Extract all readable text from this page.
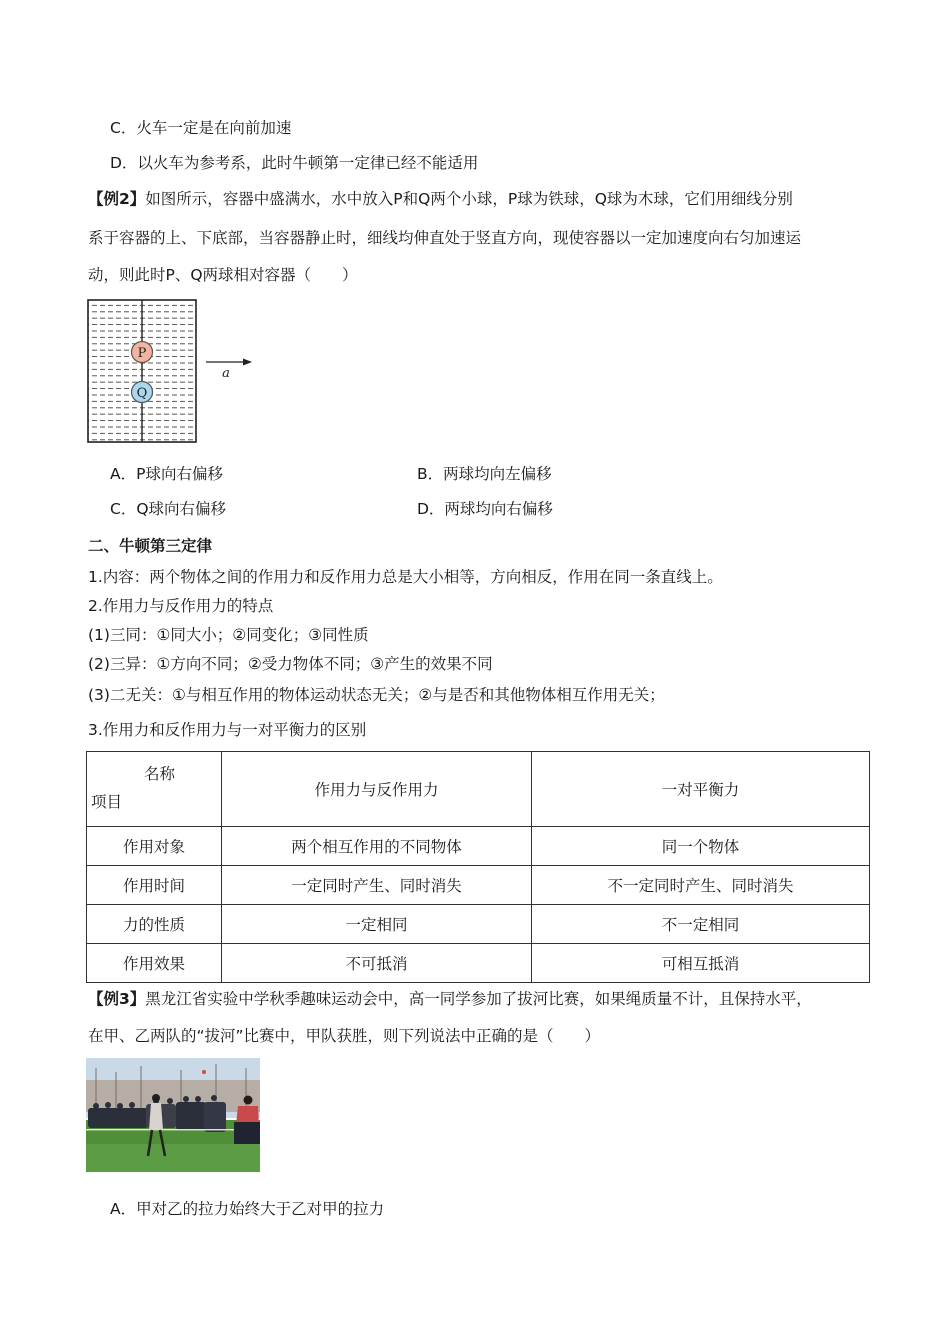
C．火车一定是在向前加速
D．以火车为参考系，此时牛顿第一定律已经不能适用
【例2】如图所示，容器中盛满水，水中放入P和Q两个小球，P球为铁球，Q球为木球，它们用细线分别
系于容器的上、下底部，当容器静止时，细线均伸直处于竖直方向，现使容器以一定加速度向右匀加速运
动，则此时P、Q两球相对容器（　　）
P
Q
a
A．P球向右偏移	B．两球均向左偏移
C．Q球向右偏移	D．两球均向右偏移
二、牛顿第三定律
1.内容：两个物体之间的作用力和反作用力总是大小相等，方向相反，作用在同一条直线上。
2.作用力与反作用力的特点
(1)三同：①同大小；②同变化；③同性质
(2)三异：①方向不同；②受力物体不同；③产生的效果不同
(3)二无关：①与相互作用的物体运动状态无关；②与是否和其他物体相互作用无关；
3.作用力和反作用力与一对平衡力的区别
名称
项目	作用力与反作用力	一对平衡力
作用对象	两个相互作用的不同物体	同一个物体
作用时间	一定同时产生、同时消失	不一定同时产生、同时消失
力的性质	一定相同	不一定相同
作用效果	不可抵消	可相互抵消
【例3】黑龙江省实验中学秋季趣味运动会中，高一同学参加了拔河比赛，如果绳质量不计，且保持水平，
在甲、乙两队的“拔河”比赛中，甲队获胜，则下列说法中正确的是（　　）
A．甲对乙的拉力始终大于乙对甲的拉力
